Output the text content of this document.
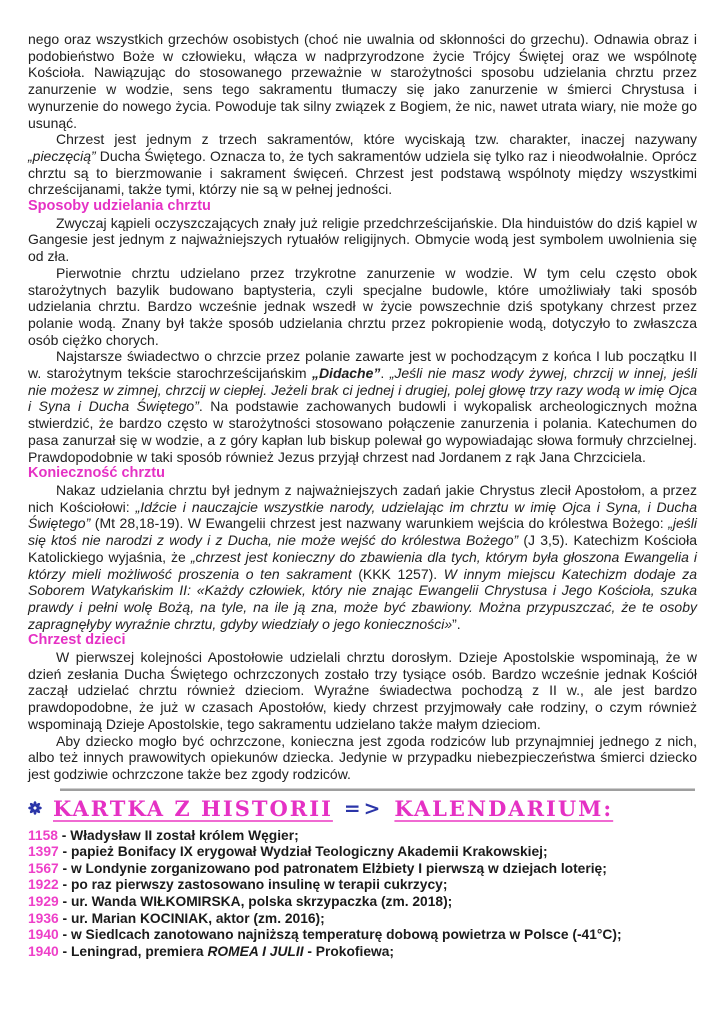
nego oraz wszystkich grzechów osobistych (choć nie uwalnia od skłonności do grzechu). Odnawia obraz i podobieństwo Boże w człowieku, włącza w nadprzyrodzone życie Trójcy Świętej oraz we wspólnotę Kościoła. Nawiązując do stosowanego przeważnie w starożytności sposobu udzielania chrztu przez zanurzenie w wodzie, sens tego sakramentu tłumaczy się jako zanurzenie w śmierci Chrystusa i wynurzenie do nowego życia. Powoduje tak silny związek z Bogiem, że nic, nawet utrata wiary, nie może go usunąć.

Chrzest jest jednym z trzech sakramentów, które wyciskają tzw. charakter, inaczej nazywany „pieczęcią” Ducha Świętego. Oznacza to, że tych sakramentów udziela się tylko raz i nieodwołalnie. Oprócz chrztu są to bierzmowanie i sakrament święceń. Chrzest jest podstawą wspólnoty między wszystkimi chrześcijanami, także tymi, którzy nie są w pełnej jedności.

Sposoby udzielania chrztu

Zwyczaj kąpieli oczyszczających znały już religie przedchrześcijańskie. Dla hinduistów do dziś kąpiel w Gangesie jest jednym z najważniejszych rytuałów religijnych. Obmycie wodą jest symbolem uwolnienia się od zła.

Pierwotnie chrztu udzielano przez trzykrotne zanurzenie w wodzie. W tym celu często obok starożytnych bazylik budowano baptysteria, czyli specjalne budowle, które umożliwiały taki sposób udzielania chrztu. Bardzo wcześnie jednak wszedł w życie powszechnie dziś spotykany chrzest przez polanie wodą. Znany był także sposób udzielania chrztu przez pokropienie wodą, dotyczyło to zwłaszcza osób ciężko chorych.

Najstarsze świadectwo o chrzcie przez polanie zawarte jest w pochodzącym z końca I lub początku II w. starożytnym tekście starochrześcijańskim „Didache”. „Jeśli nie masz wody żywej, chrzcij w innej, jeśli nie możesz w zimnej, chrzcij w ciepłej. Jeżeli brak ci jednej i drugiej, polej głowę trzy razy wodą w imię Ojca i Syna i Ducha Świętego”. Na podstawie zachowanych budowli i wykopalisk archeologicznych można stwierdzić, że bardzo często w starożytności stosowano połączenie zanurzenia i polania. Katechumen do pasa zanurzał się w wodzie, a z góry kapłan lub biskup polewał go wypowiadając słowa formuły chrzcielnej. Prawdopodobnie w taki sposób również Jezus przyjął chrzest nad Jordanem z rąk Jana Chrzciciela.

Konieczność chrztu

Nakaz udzielania chrztu był jednym z najważniejszych zadań jakie Chrystus zlecił Apostołom, a przez nich Kościołowi: „Idźcie i nauczajcie wszystkie narody, udzielając im chrztu w imię Ojca i Syna, i Ducha Świętego” (Mt 28,18-19). W Ewangelii chrzest jest nazwany warunkiem wejścia do królestwa Bożego: „jeśli się ktoś nie narodzi z wody i z Ducha, nie może wejść do królestwa Bożego” (J 3,5). Katechizm Kościoła Katolickiego wyjaśnia, że „chrzest jest konieczny do zbawienia dla tych, którym była głoszona Ewangelia i którzy mieli możliwość proszenia o ten sakrament (KKK 1257). W innym miejscu Katechizm dodaje za Soborem Watykańskim II: «Każdy człowiek, który nie znając Ewangelii Chrystusa i Jego Kościoła, szuka prawdy i pełni wolę Bożą, na tyle, na ile ją zna, może być zbawiony. Można przypuszczać, że te osoby zapragnęłyby wyraźnie chrztu, gdyby wiedziały o jego konieczności»”.

Chrzest dzieci

W pierwszej kolejności Apostołowie udzielali chrztu dorosłym. Dzieje Apostolskie wspominają, że w dzień zesłania Ducha Świętego ochrzczonych zostało trzy tysiące osób. Bardzo wcześnie jednak Kościół zaczął udzielać chrztu również dzieciom. Wyraźne świadectwa pochodzą z II w., ale jest bardzo prawdopodobne, że już w czasach Apostołów, kiedy chrzest przyjmowały całe rodziny, o czym również wspominają Dzieje Apostolskie, tego sakramentu udzielano także małym dzieciom.

Aby dziecko mogło być ochrzczone, konieczna jest zgoda rodziców lub przynajmniej jednego z nich, albo też innych prawowitych opiekunów dziecka. Jedynie w przypadku niebezpieczeństwa śmierci dziecko jest godziwie ochrzczone także bez zgody rodziców.

KARTKA Z HISTORII => KALENDARIUM:
1158 - Władysław II został królem Węgier;
1397 - papież Bonifacy IX erygował Wydział Teologiczny Akademii Krakowskiej;
1567 - w Londynie zorganizowano pod patronatem Elżbiety I pierwszą w dziejach loterię;
1922 - po raz pierwszy zastosowano insulinę w terapii cukrzycy;
1929 - ur. Wanda WIŁKOMIRSKA, polska skrzypaczka (zm. 2018);
1936 - ur. Marian KOCINIAK, aktor (zm. 2016);
1940 - w Siedlcach zanotowano najniższą temperaturę dobową powietrza w Polsce (-41°C);
1940 - Leningrad, premiera ROMEA I JULII - Prokofiewa;
